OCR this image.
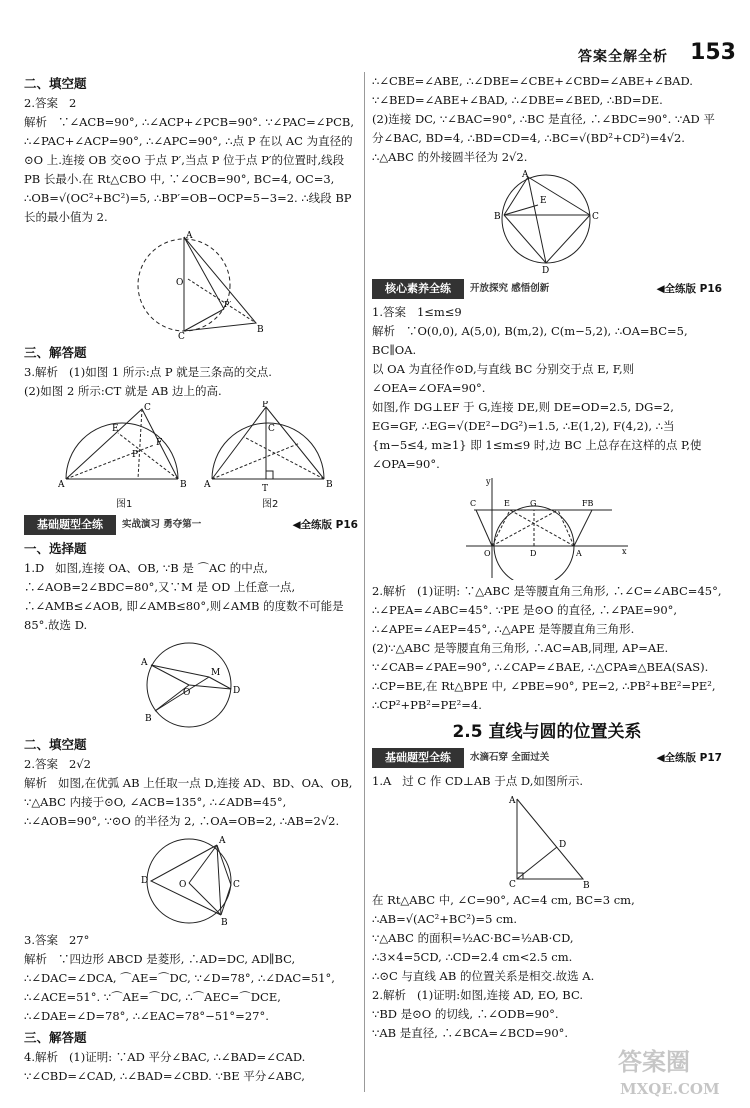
答案全解全析 153
二、填空题
2.答案   2
解析   ∵∠ACB=90°, ∴∠ACP+∠PCB=90°. ∵∠PAC=∠PCB, ∴∠PAC+∠ACP=90°, ∴∠APC=90°, ∴点 P 在以 AC 为直径的⊙O 上.连接 OB 交⊙O 于点 P′,当点 P 位于点 P′的位置时,线段 PB 长最小.在 Rt△CBO 中, ∵∠OCB=90°, BC=4, OC=3, ∴OB=√(OC²+BC²)=5, ∴BP′=OB−OCP=5−3=2. ∴线段 BP 长的最小值为 2.
A
O
C
B
P′
三、解答题
3.解析   (1)如图 1 所示:点 P 就是三条高的交点.
(2)如图 2 所示:CT 就是 AB 边上的高.
A	B
C
E
F
P
A	B
P
C
T
图1	图2
基础题型全练	实战演习 勇夺第一	◀全练版 P16
一、选择题
1.D   如图,连接 OA、OB, ∵B 是 ⌒AC 的中点, ∴∠AOB=2∠BDC=80°,又∵M 是 OD 上任意一点, ∴∠AMB≤∠AOB, 即∠AMB≤80°,则∠AMB 的度数不可能是 85°.故选 D.
A
B
D
M
O
二、填空题
2.答案   2√2
解析   如图,在优弧 AB 上任取一点 D,连接 AD、BD、OA、OB, ∵△ABC 内接于⊙O, ∠ACB=135°, ∴∠ADB=45°, ∴∠AOB=90°, ∵⊙O 的半径为 2, ∴OA=OB=2, ∴AB=2√2.
A
D
B
C
O
3.答案   27°
解析   ∵四边形 ABCD 是菱形, ∴AD=DC, AD∥BC, ∴∠DAC=∠DCA, ⌒AE=⌒DC, ∵∠D=78°, ∴∠DAC=51°, ∴∠ACE=51°. ∵⌒AE=⌒DC, ∴⌒AEC=⌒DCE, ∴∠DAE=∠D=78°, ∴∠EAC=78°−51°=27°.
三、解答题
4.解析   (1)证明: ∵AD 平分∠BAC, ∴∠BAD=∠CAD. ∵∠CBD=∠CAD, ∴∠BAD=∠CBD. ∵BE 平分∠ABC,
∴∠CBE=∠ABE, ∴∠DBE=∠CBE+∠CBD=∠ABE+∠BAD. ∵∠BED=∠ABE+∠BAD, ∴∠DBE=∠BED, ∴BD=DE.
(2)连接 DC, ∵∠BAC=90°, ∴BC 是直径, ∴∠BDC=90°. ∵AD 平分∠BAC, BD=4, ∴BD=CD=4, ∴BC=√(BD²+CD²)=4√2. ∴△ABC 的外接圆半径为 2√2.
A
B	C
E
D
核心素养全练	开放探究 感悟创新	◀全练版 P16
1.答案   1≤m≤9
解析   ∵O(0,0), A(5,0), B(m,2), C(m−5,2), ∴OA=BC=5, BC∥OA.
以 OA 为直径作⊙D,与直线 BC 分别交于点 E, F,则∠OEA=∠OFA=90°.
如图,作 DG⊥EF 于 G,连接 DE,则 DE=OD=2.5, DG=2, EG=GF, ∴EG=√(DE²−DG²)=1.5, ∴E(1,2), F(4,2), ∴当 {m−5≤4, m≥1} 即 1≤m≤9 时,边 BC 上总存在这样的点 P,使∠OPA=90°.
y
x
C	E	G	FB
O	D	A
2.解析   (1)证明: ∵△ABC 是等腰直角三角形, ∴∠C=∠ABC=45°, ∴∠PEA=∠ABC=45°. ∵PE 是⊙O 的直径, ∴∠PAE=90°, ∴∠APE=∠AEP=45°, ∴△APE 是等腰直角三角形.
(2)∵△ABC 是等腰直角三角形, ∴AC=AB,同理, AP=AE. ∵∠CAB=∠PAE=90°, ∴∠CAP=∠BAE, ∴△CPA≌△BEA(SAS). ∴CP=BE,在 Rt△BPE 中, ∠PBE=90°, PE=2, ∴PB²+BE²=PE², ∴CP²+PB²=PE²=4.
2.5 直线与圆的位置关系
基础题型全练	水滴石穿 全面过关	◀全练版 P17
1.A   过 C 作 CD⊥AB 于点 D,如图所示.
A
C	B
D
在 Rt△ABC 中, ∠C=90°, AC=4 cm, BC=3 cm, ∴AB=√(AC²+BC²)=5 cm.
∵△ABC 的面积=½AC·BC=½AB·CD,
∴3×4=5CD, ∴CD=2.4 cm<2.5 cm.
∴⊙C 与直线 AB 的位置关系是相交.故选 A.
2.解析   (1)证明:如图,连接 AD, EO, BC.
∵BD 是⊙O 的切线, ∴∠ODB=90°.
∵AB 是直径, ∴∠BCA=∠BCD=90°.
答案圈
MXQE.COM
